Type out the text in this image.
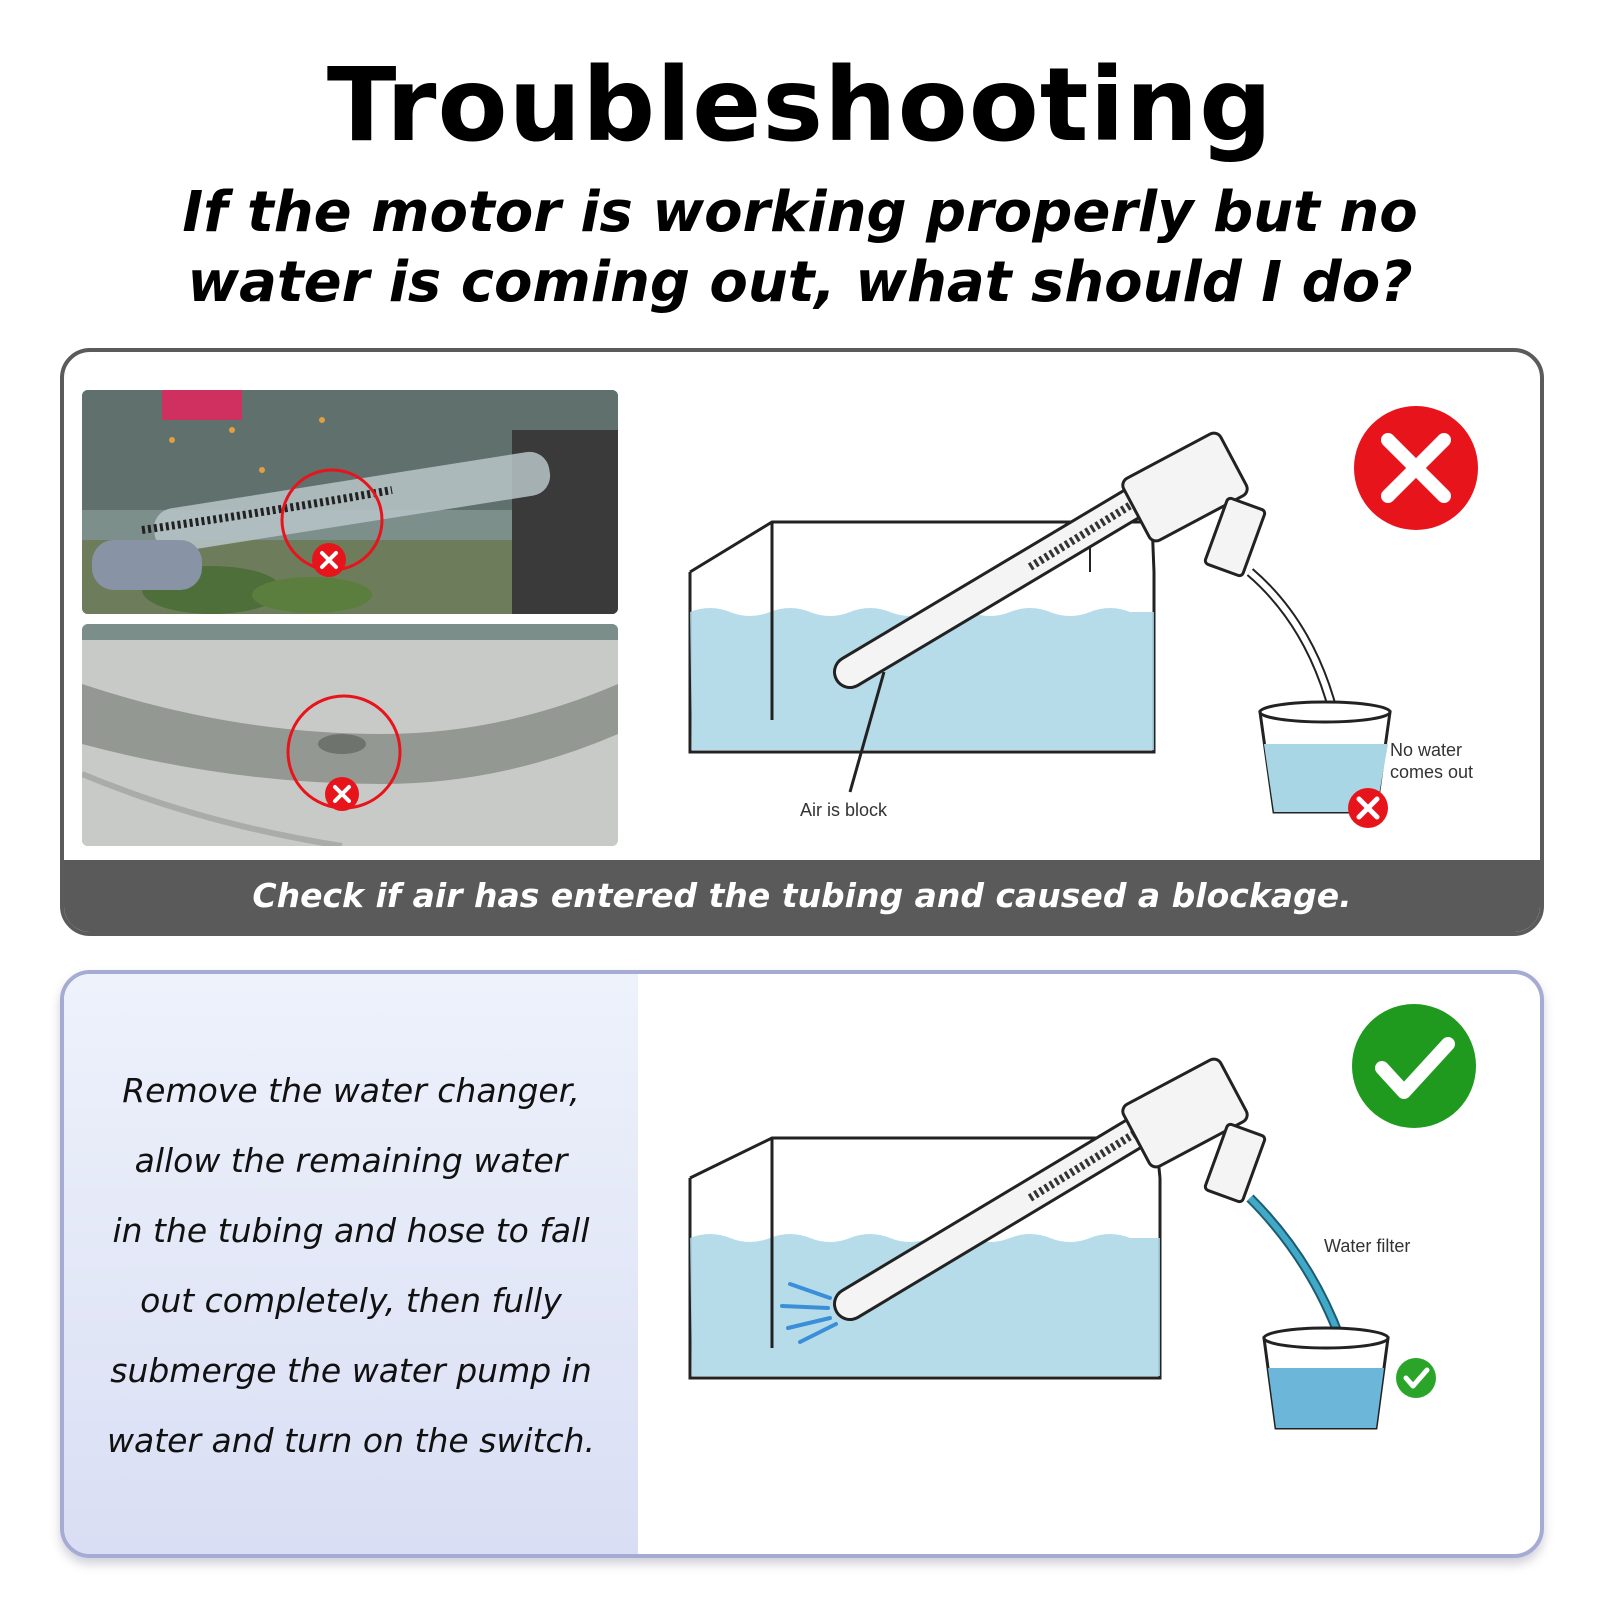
Troubleshooting
If the motor is working properly but no water is coming out, what should I do?
Air is block
No water
comes out
Check if air has entered the tubing and caused a blockage.
Remove the water changer,
allow the remaining water
in the tubing and hose to fall
out completely, then fully
submerge the water pump in
water and turn on the switch.
Water filter
